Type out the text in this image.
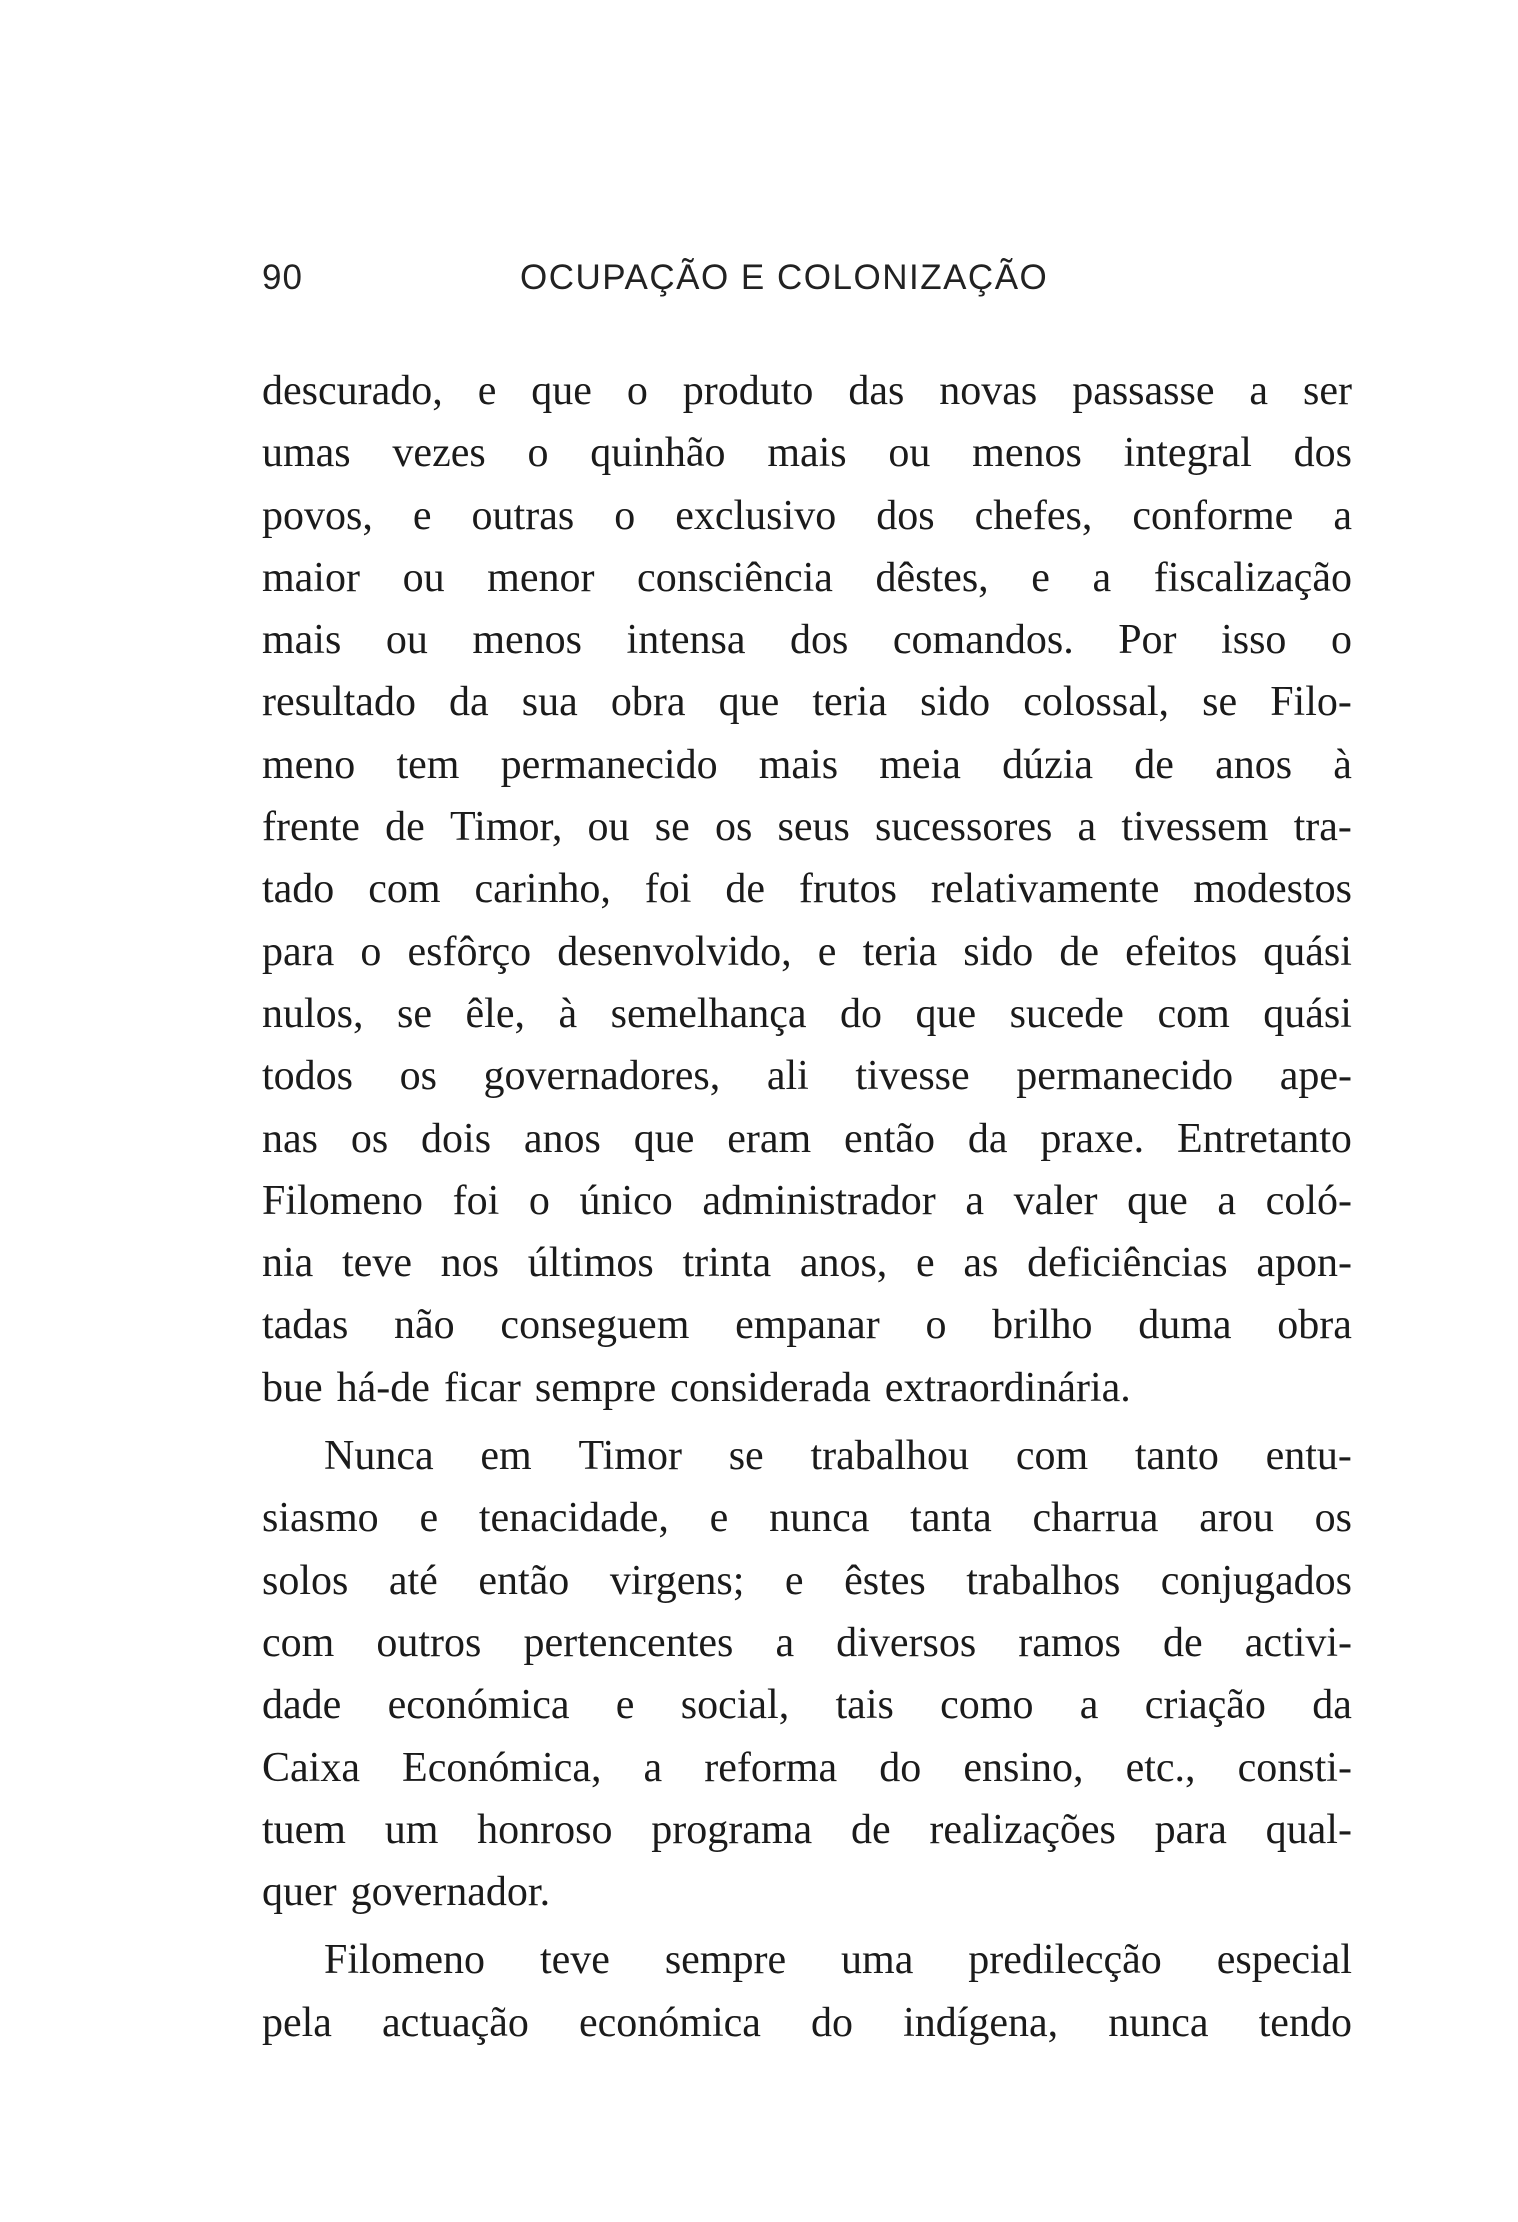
90	OCUPAÇÃO E COLONIZAÇÃO
descurado, e que o produto das novas passasse a ser
umas vezes o quinhão mais ou menos integral dos
povos, e outras o exclusivo dos chefes, conforme a
maior ou menor consciência dêstes, e a fiscalização
mais ou menos intensa dos comandos. Por isso o
resultado da sua obra que teria sido colossal, se Filo-
meno tem permanecido mais meia dúzia de anos à
frente de Timor, ou se os seus sucessores a tivessem tra-
tado com carinho, foi de frutos relativamente modestos
para o esfôrço desenvolvido, e teria sido de efeitos quási
nulos, se êle, à semelhança do que sucede com quási
todos os governadores, ali tivesse permanecido ape-
nas os dois anos que eram então da praxe. Entretanto
Filomeno foi o único administrador a valer que a coló-
nia teve nos últimos trinta anos, e as deficiências apon-
tadas não conseguem empanar o brilho duma obra
bue há-de ficar sempre considerada extraordinária.
Nunca em Timor se trabalhou com tanto entu-
siasmo e tenacidade, e nunca tanta charrua arou os
solos até então virgens; e êstes trabalhos conjugados
com outros pertencentes a diversos ramos de activi-
dade económica e social, tais como a criação da
Caixa Económica, a reforma do ensino, etc., consti-
tuem um honroso programa de realizações para qual-
quer governador.
Filomeno teve sempre uma predilecção especial
pela actuação económica do indígena, nunca tendo
